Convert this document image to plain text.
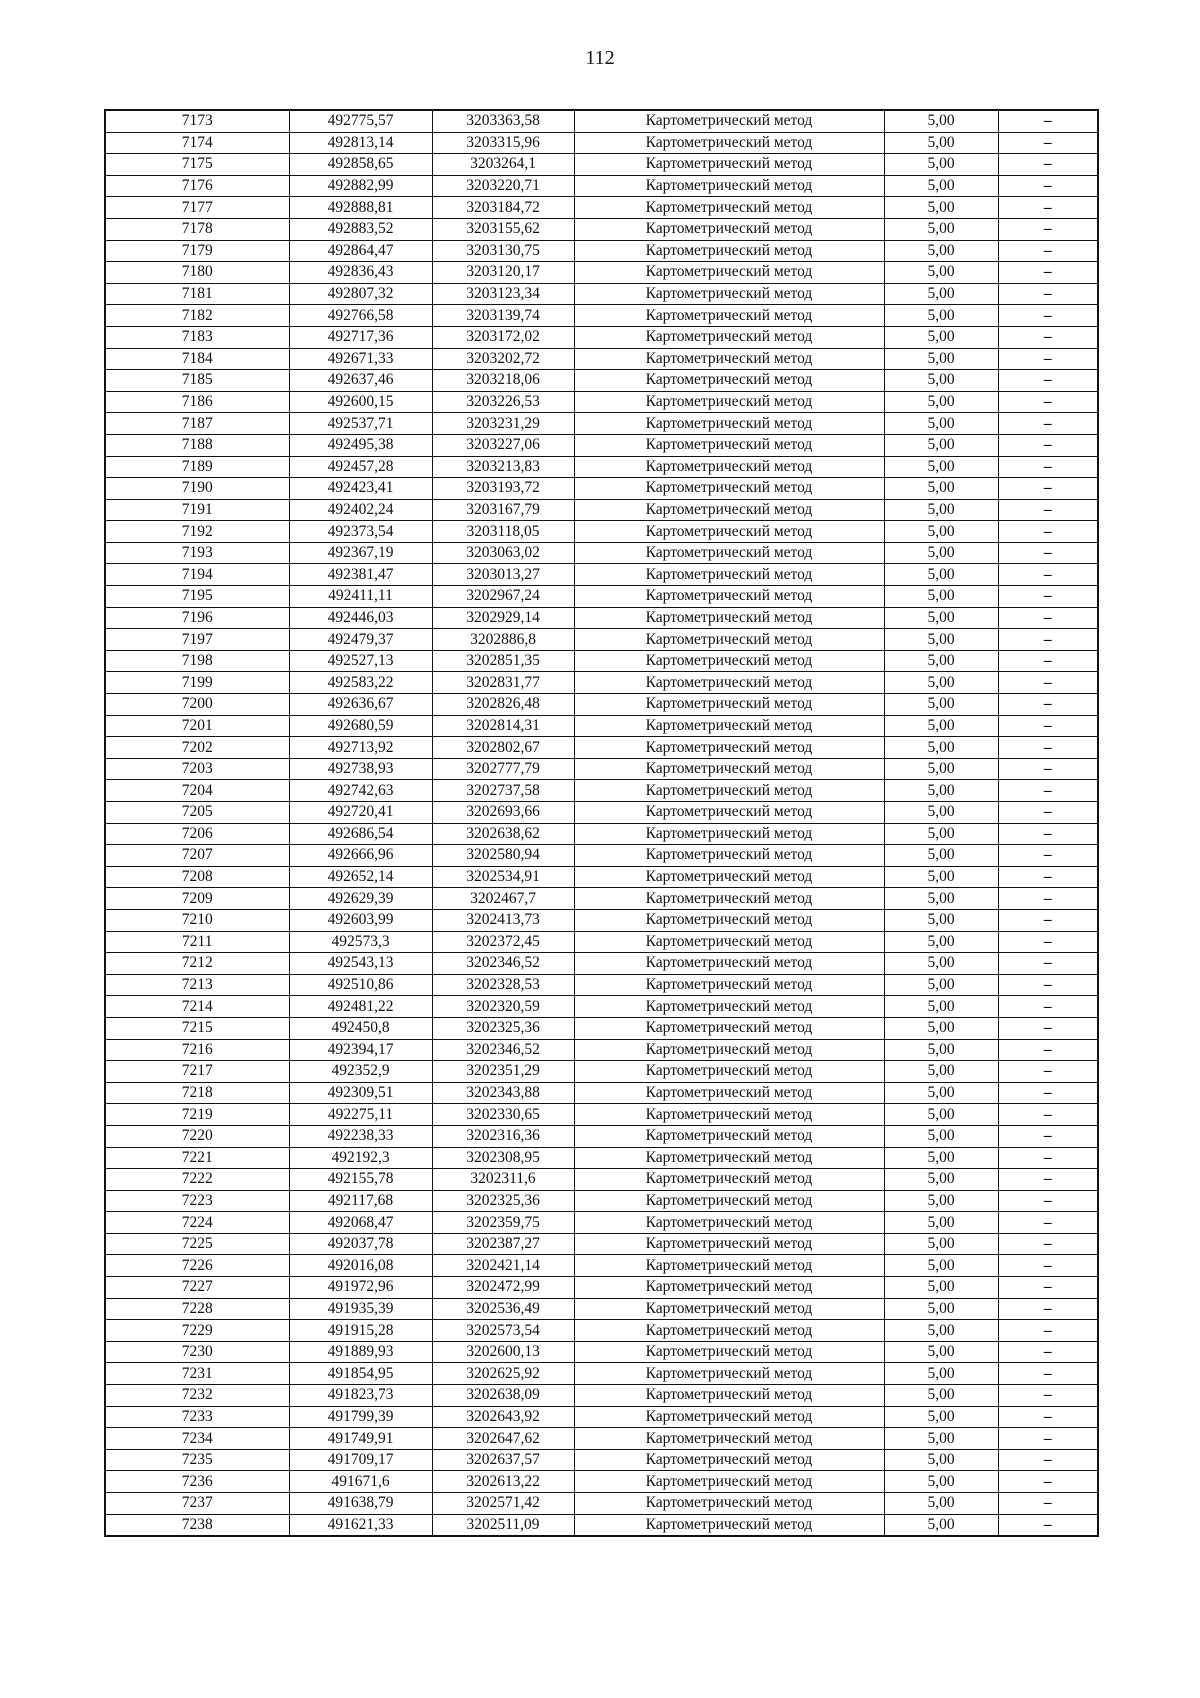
112
7173	492775,57	3203363,58	Картометрический метод	5,00	–
7174	492813,14	3203315,96	Картометрический метод	5,00	–
7175	492858,65	3203264,1	Картометрический метод	5,00	–
7176	492882,99	3203220,71	Картометрический метод	5,00	–
7177	492888,81	3203184,72	Картометрический метод	5,00	–
7178	492883,52	3203155,62	Картометрический метод	5,00	–
7179	492864,47	3203130,75	Картометрический метод	5,00	–
7180	492836,43	3203120,17	Картометрический метод	5,00	–
7181	492807,32	3203123,34	Картометрический метод	5,00	–
7182	492766,58	3203139,74	Картометрический метод	5,00	–
7183	492717,36	3203172,02	Картометрический метод	5,00	–
7184	492671,33	3203202,72	Картометрический метод	5,00	–
7185	492637,46	3203218,06	Картометрический метод	5,00	–
7186	492600,15	3203226,53	Картометрический метод	5,00	–
7187	492537,71	3203231,29	Картометрический метод	5,00	–
7188	492495,38	3203227,06	Картометрический метод	5,00	–
7189	492457,28	3203213,83	Картометрический метод	5,00	–
7190	492423,41	3203193,72	Картометрический метод	5,00	–
7191	492402,24	3203167,79	Картометрический метод	5,00	–
7192	492373,54	3203118,05	Картометрический метод	5,00	–
7193	492367,19	3203063,02	Картометрический метод	5,00	–
7194	492381,47	3203013,27	Картометрический метод	5,00	–
7195	492411,11	3202967,24	Картометрический метод	5,00	–
7196	492446,03	3202929,14	Картометрический метод	5,00	–
7197	492479,37	3202886,8	Картометрический метод	5,00	–
7198	492527,13	3202851,35	Картометрический метод	5,00	–
7199	492583,22	3202831,77	Картометрический метод	5,00	–
7200	492636,67	3202826,48	Картометрический метод	5,00	–
7201	492680,59	3202814,31	Картометрический метод	5,00	–
7202	492713,92	3202802,67	Картометрический метод	5,00	–
7203	492738,93	3202777,79	Картометрический метод	5,00	–
7204	492742,63	3202737,58	Картометрический метод	5,00	–
7205	492720,41	3202693,66	Картометрический метод	5,00	–
7206	492686,54	3202638,62	Картометрический метод	5,00	–
7207	492666,96	3202580,94	Картометрический метод	5,00	–
7208	492652,14	3202534,91	Картометрический метод	5,00	–
7209	492629,39	3202467,7	Картометрический метод	5,00	–
7210	492603,99	3202413,73	Картометрический метод	5,00	–
7211	492573,3	3202372,45	Картометрический метод	5,00	–
7212	492543,13	3202346,52	Картометрический метод	5,00	–
7213	492510,86	3202328,53	Картометрический метод	5,00	–
7214	492481,22	3202320,59	Картометрический метод	5,00	–
7215	492450,8	3202325,36	Картометрический метод	5,00	–
7216	492394,17	3202346,52	Картометрический метод	5,00	–
7217	492352,9	3202351,29	Картометрический метод	5,00	–
7218	492309,51	3202343,88	Картометрический метод	5,00	–
7219	492275,11	3202330,65	Картометрический метод	5,00	–
7220	492238,33	3202316,36	Картометрический метод	5,00	–
7221	492192,3	3202308,95	Картометрический метод	5,00	–
7222	492155,78	3202311,6	Картометрический метод	5,00	–
7223	492117,68	3202325,36	Картометрический метод	5,00	–
7224	492068,47	3202359,75	Картометрический метод	5,00	–
7225	492037,78	3202387,27	Картометрический метод	5,00	–
7226	492016,08	3202421,14	Картометрический метод	5,00	–
7227	491972,96	3202472,99	Картометрический метод	5,00	–
7228	491935,39	3202536,49	Картометрический метод	5,00	–
7229	491915,28	3202573,54	Картометрический метод	5,00	–
7230	491889,93	3202600,13	Картометрический метод	5,00	–
7231	491854,95	3202625,92	Картометрический метод	5,00	–
7232	491823,73	3202638,09	Картометрический метод	5,00	–
7233	491799,39	3202643,92	Картометрический метод	5,00	–
7234	491749,91	3202647,62	Картометрический метод	5,00	–
7235	491709,17	3202637,57	Картометрический метод	5,00	–
7236	491671,6	3202613,22	Картометрический метод	5,00	–
7237	491638,79	3202571,42	Картометрический метод	5,00	–
7238	491621,33	3202511,09	Картометрический метод	5,00	–
